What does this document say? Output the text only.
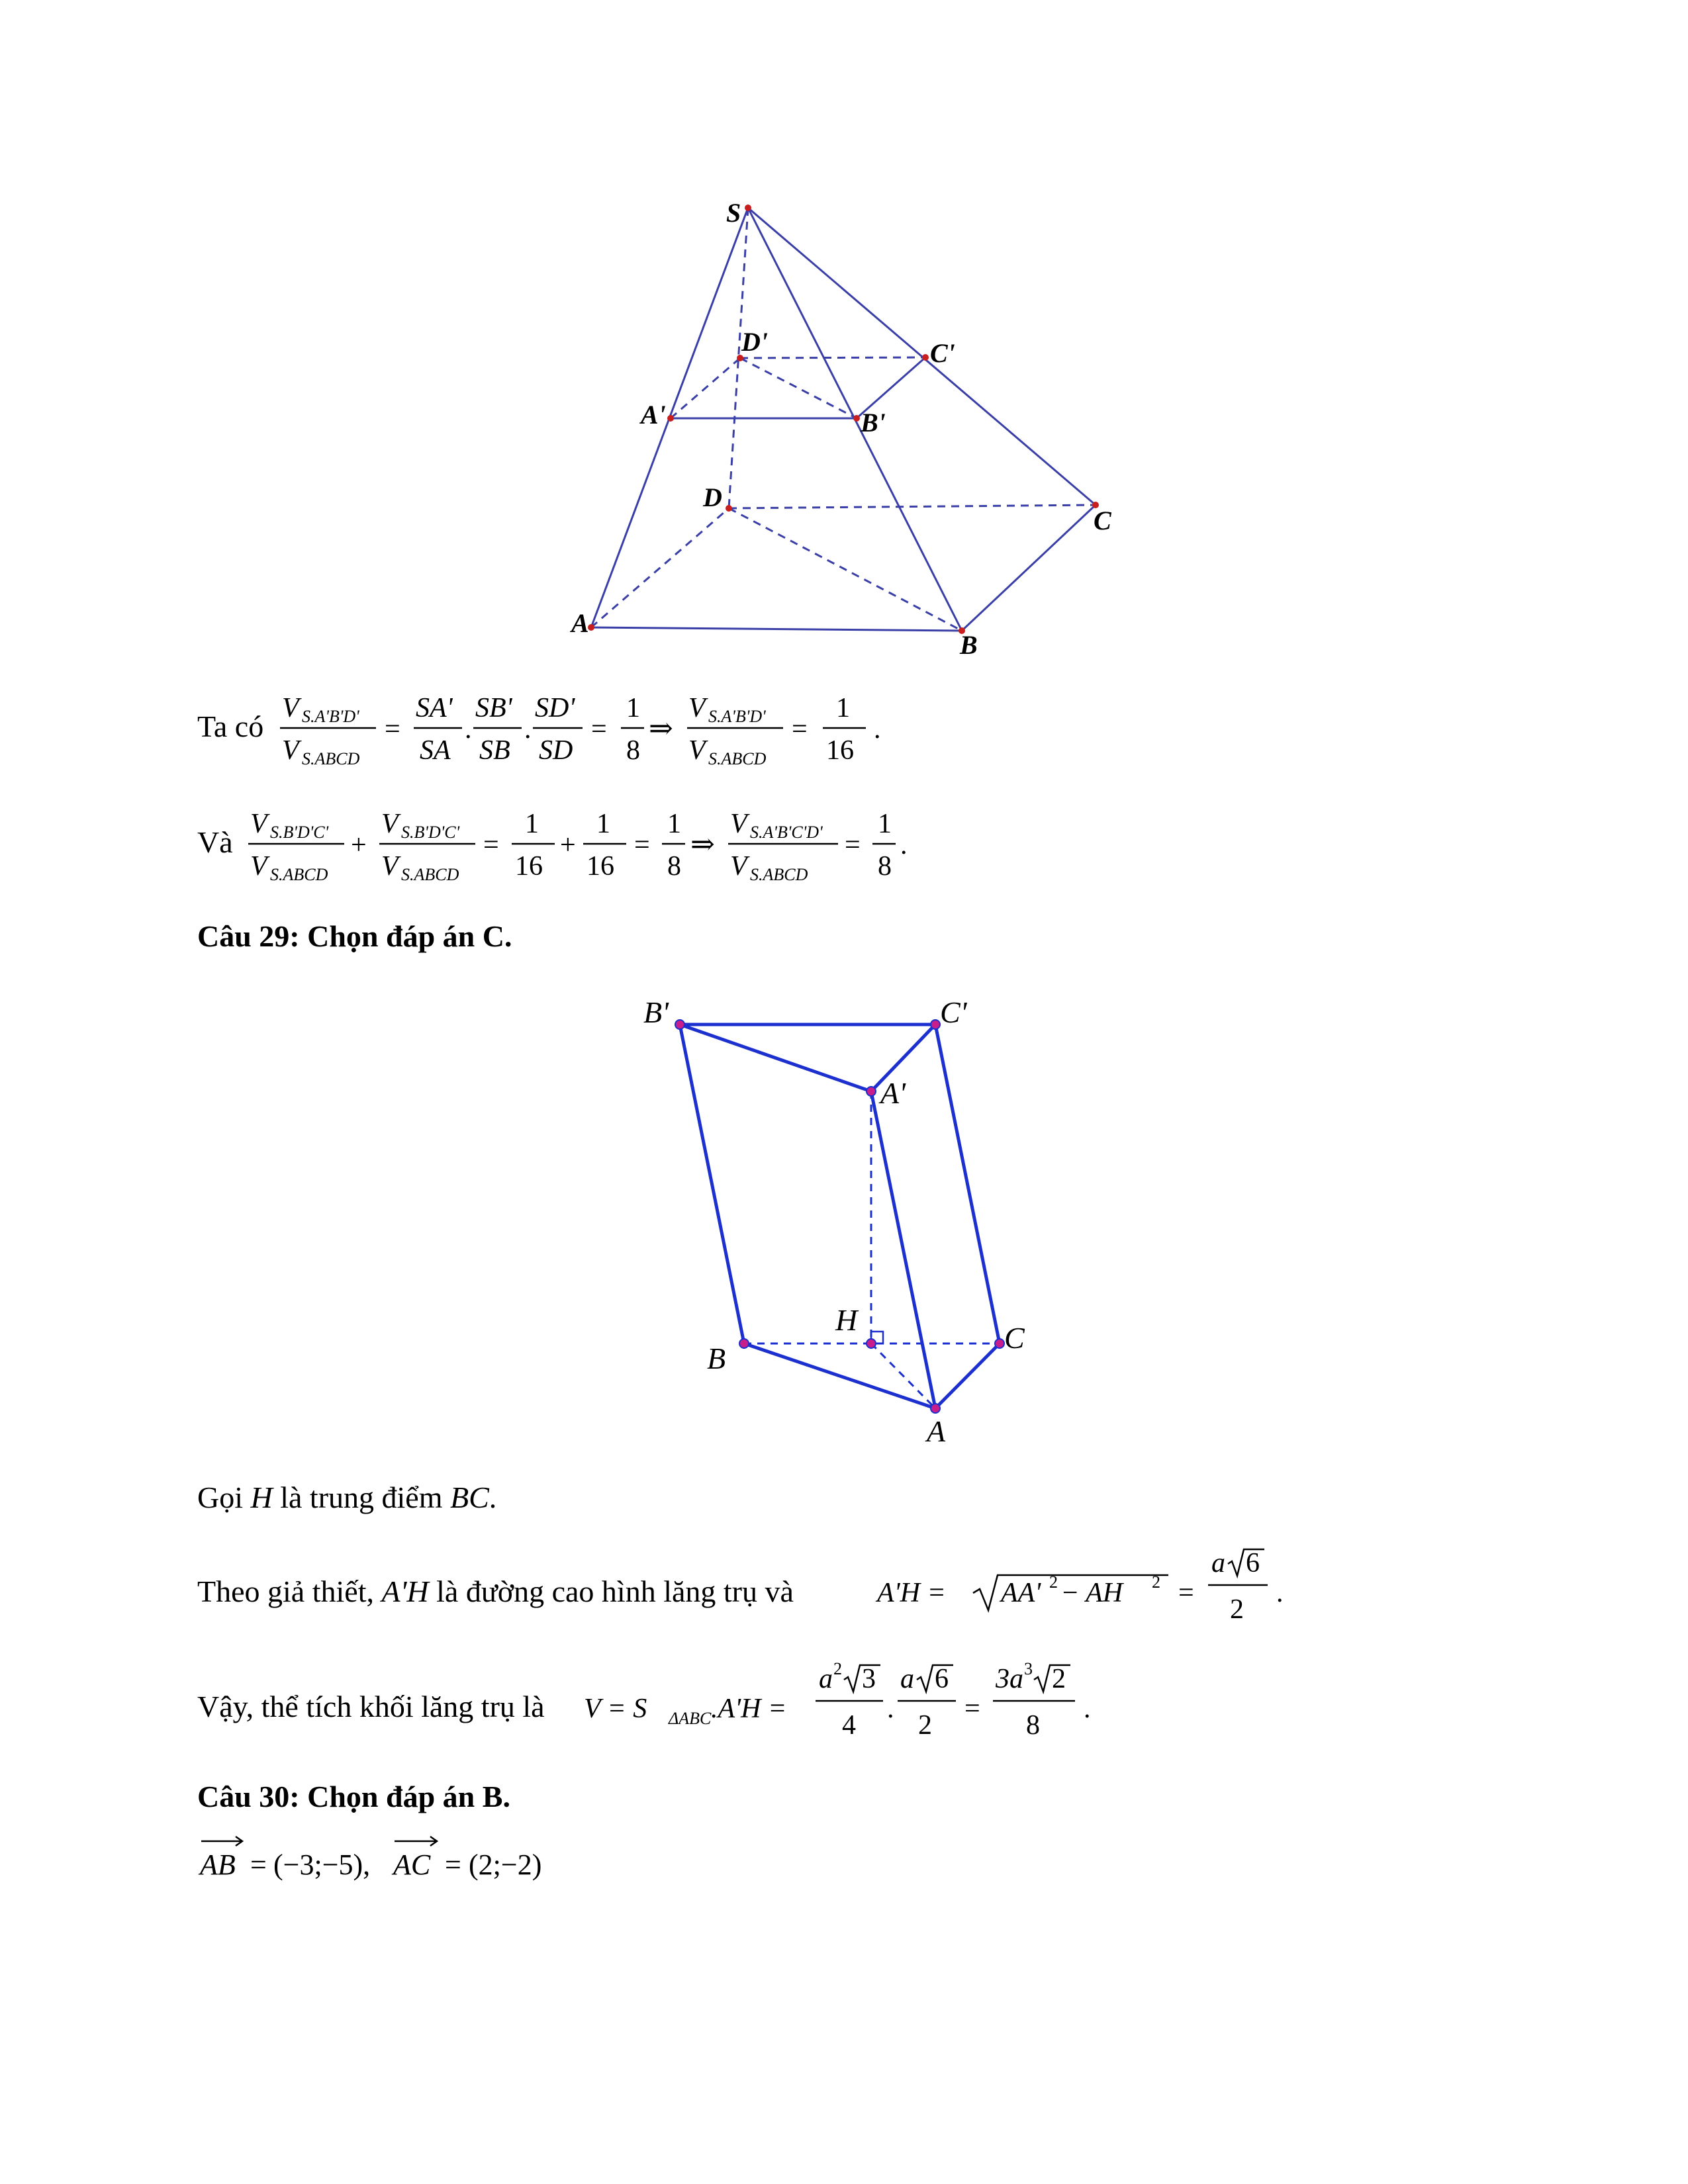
S
D'	C'
A'	B'
D
C
A
B
Ta có
V S.A'B'D'
V S.ABCD
=
SA'
SA
.
SB'
SB
.
SD'
SD
=
1
8
⇒
V S.A'B'D'
V S.ABCD
=
1
16
.
Và
V S.B'D'C'
V S.ABCD
+
V S.B'D'C'
V S.ABCD
=
1
16
+
1
16
=
1
8
⇒
V S.A'B'C'D'
V S.ABCD
=
1
8
.
Câu 29: Chọn đáp án C.
B'	C'
A'
H
C
B
A
Gọi H là trung điểm BC.
Theo giả thiết, A'H là đường cao hình lăng trụ và	A'H = AA' 2 − AH 2 =
a 6
2
.
Vậy, thể tích khối lăng trụ là V = S ΔABC .A'H =
a 2 3
4
.
a 6
2
=
3a 3 2
8
.
Câu 30: Chọn đáp án B.
AB = (−3;−5), AC = (2;−2)
